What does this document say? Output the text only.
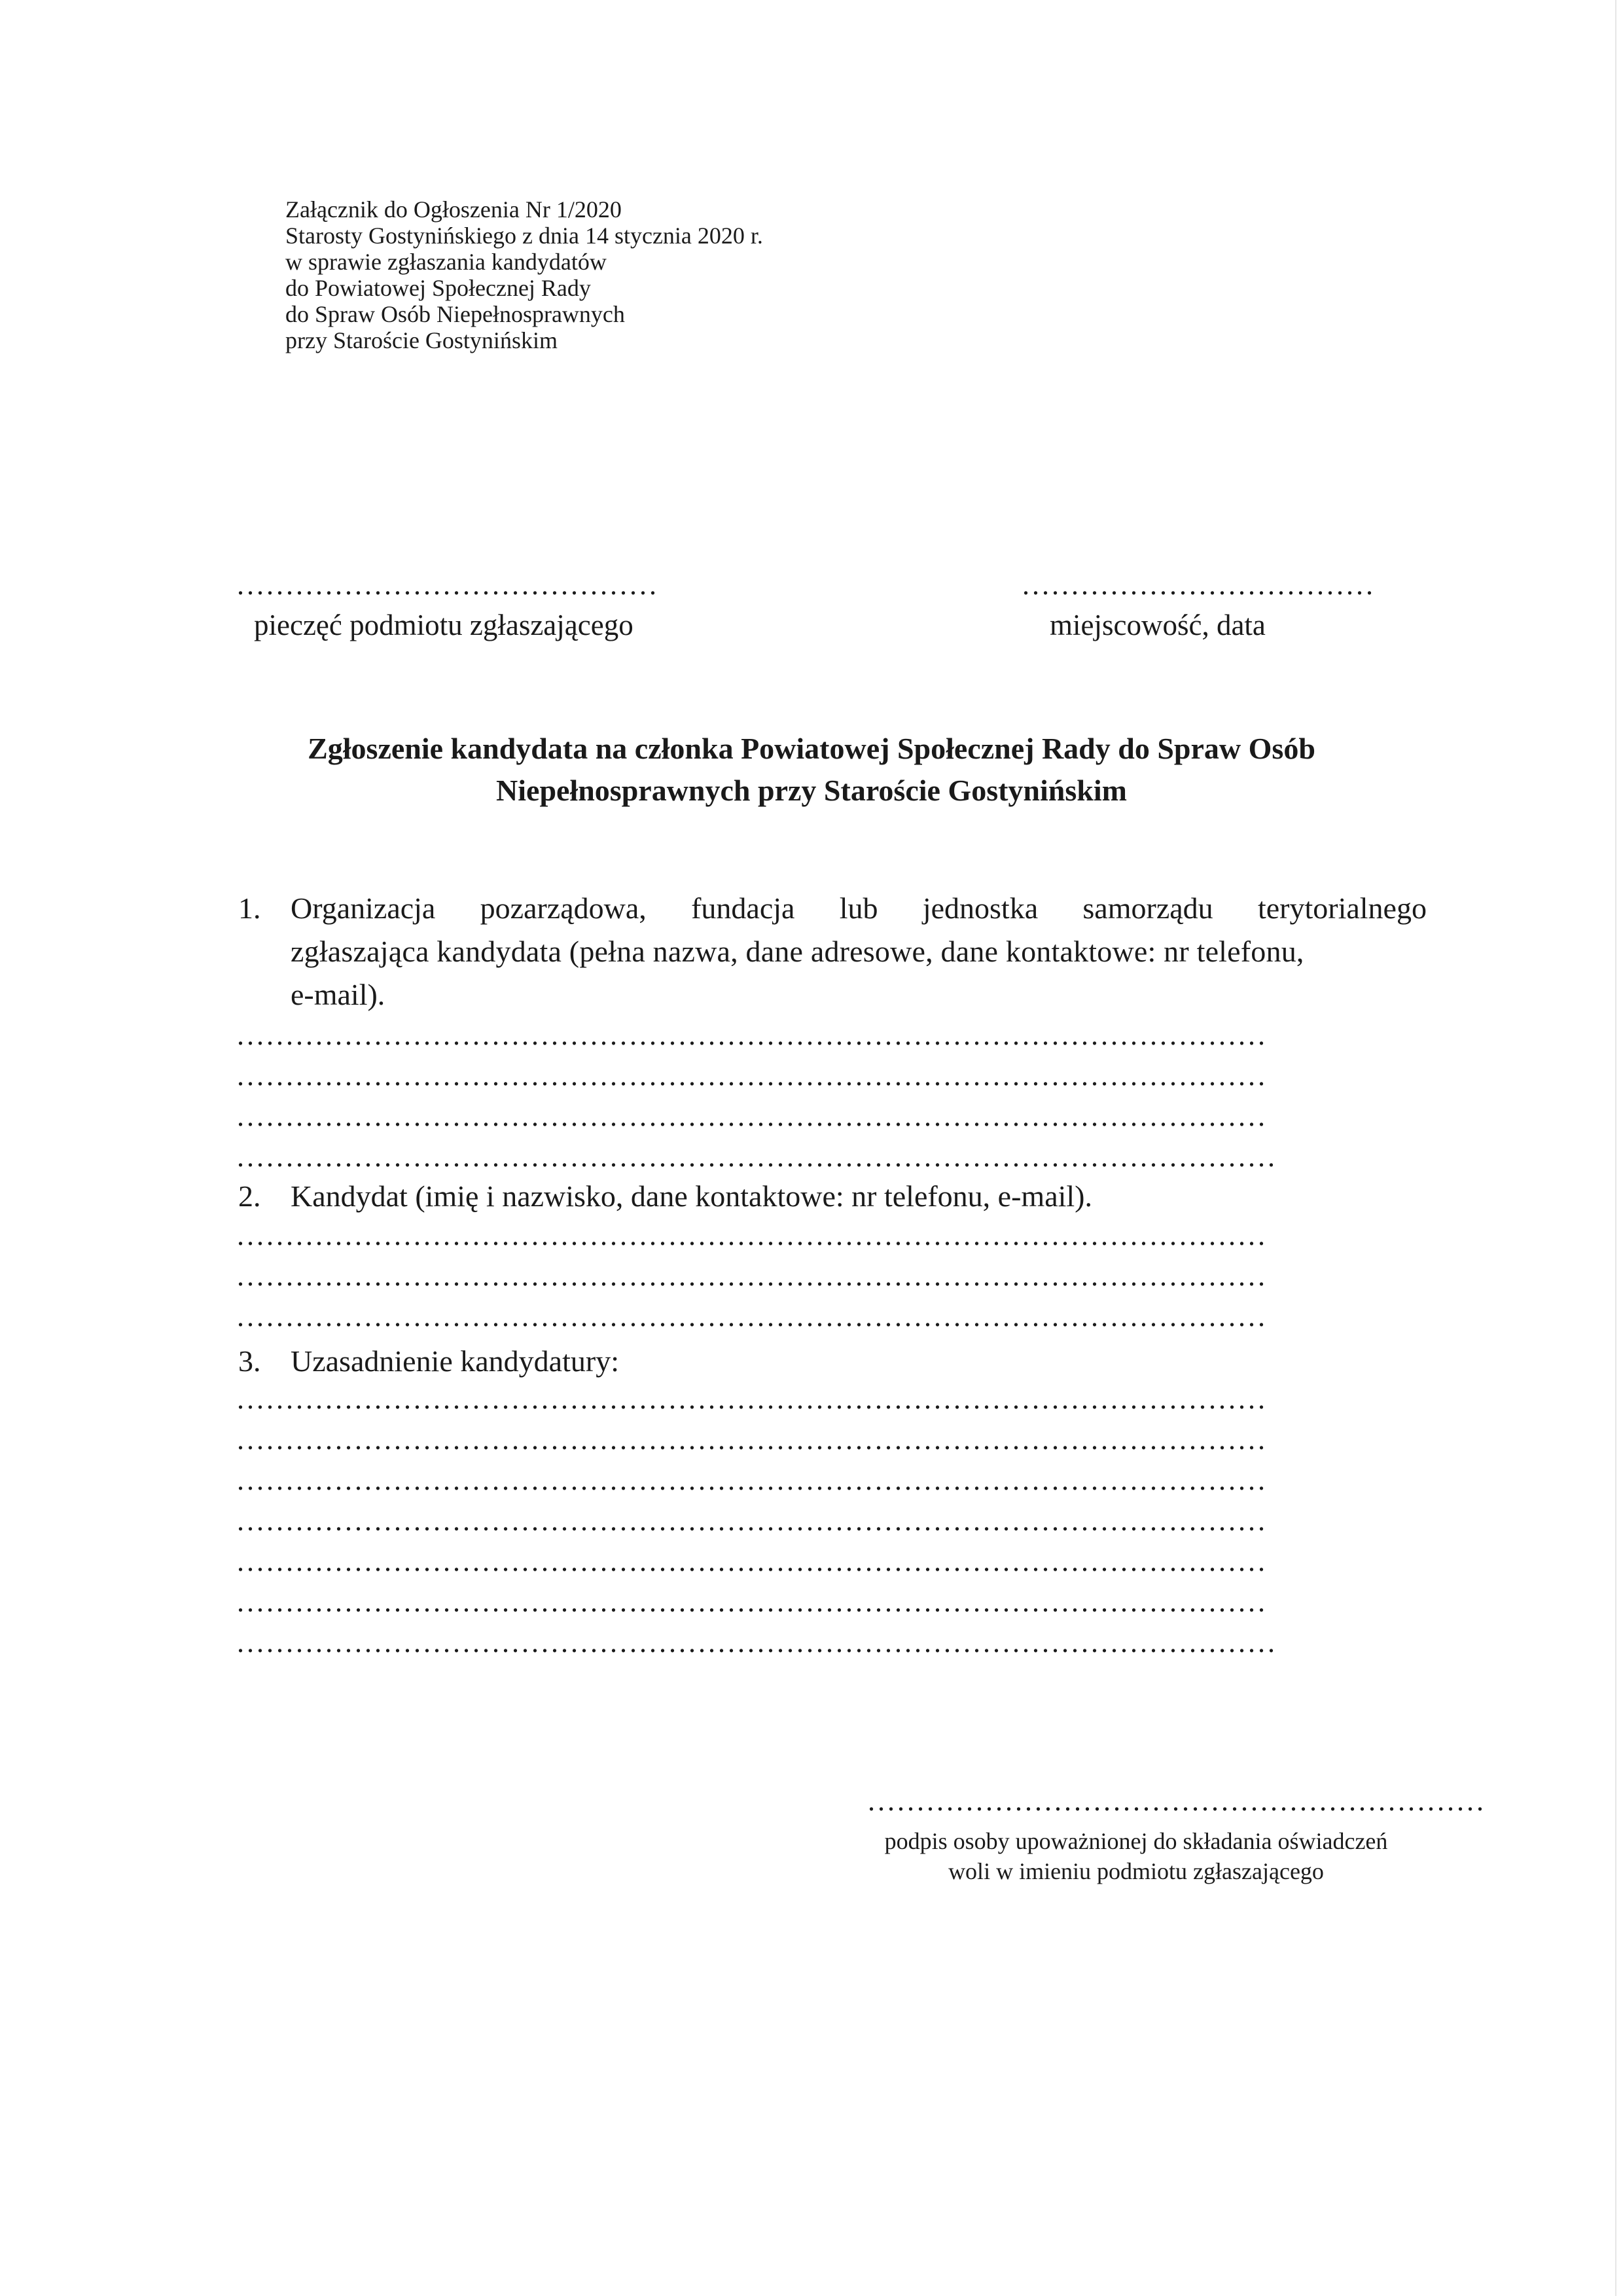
Załącznik do Ogłoszenia Nr 1/2020
Starosty Gostynińskiego z dnia 14 stycznia 2020 r.
w sprawie zgłaszania kandydatów
do Powiatowej Społecznej Rady
do Spraw Osób Niepełnosprawnych
przy Staroście Gostynińskim
...........................................
pieczęć podmiotu zgłaszającego
....................................
miejscowość, data
Zgłoszenie kandydata na członka Powiatowej Społecznej Rady do Spraw Osób
Niepełnosprawnych przy Staroście Gostynińskim
1. Organizacja pozarządowa, fundacja lub jednostka samorządu terytorialnego
zgłaszająca kandydata (pełna nazwa, dane adresowe, dane kontaktowe: nr telefonu,
e-mail).
.........................................................................................................
.........................................................................................................
.........................................................................................................
..........................................................................................................
2. Kandydat (imię i nazwisko, dane kontaktowe: nr telefonu, e-mail).
.........................................................................................................
.........................................................................................................
.........................................................................................................
3. Uzasadnienie kandydatury:
.........................................................................................................
.........................................................................................................
.........................................................................................................
.........................................................................................................
.........................................................................................................
.........................................................................................................
..........................................................................................................
...............................................................
podpis osoby upoważnionej do składania oświadczeń
woli w imieniu podmiotu zgłaszającego
